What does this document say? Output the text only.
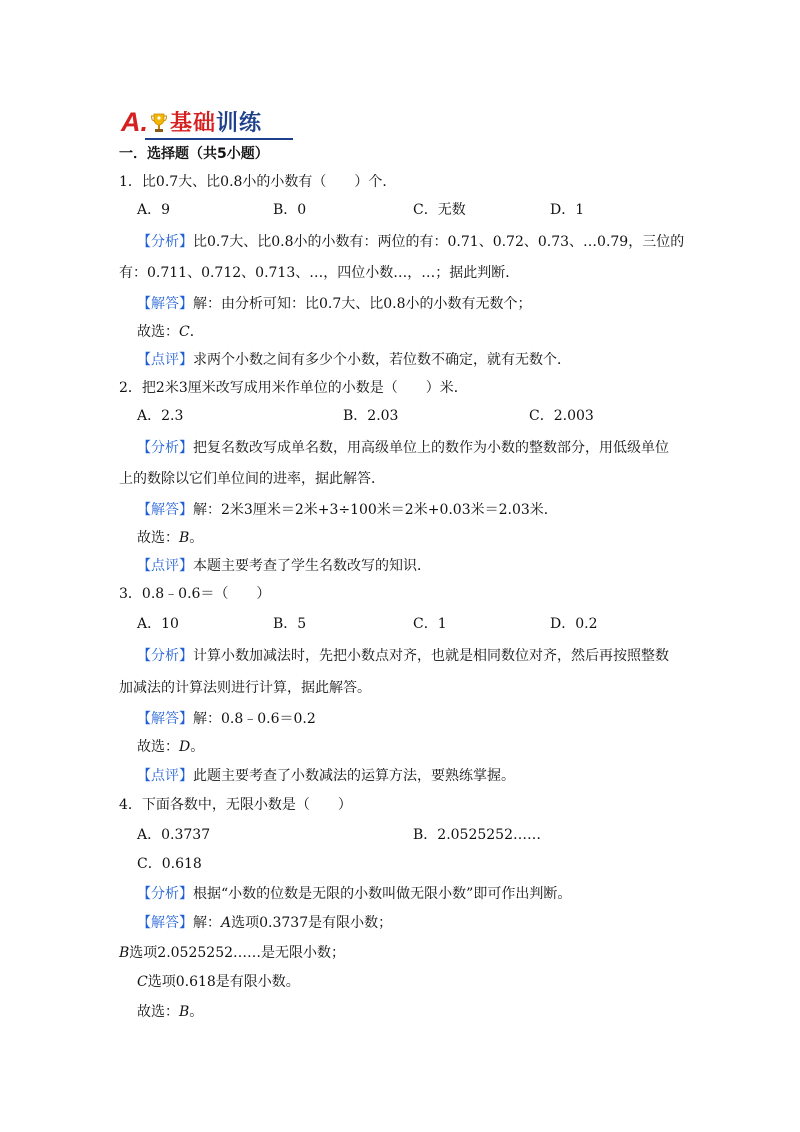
A. 基础 训练
一．选择题（共5小题）
1．比0.7大、比0.8小的小数有（　　）个．
A．9	B．0	C．无数	D．1
【分析】比0.7大、比0.8小的小数有：两位的有：0.71、0.72、0.73、…0.79，三位的
有：0.711、0.712、0.713、…，四位小数…，…；据此判断．
【解答】解：由分析可知：比0.7大、比0.8小的小数有无数个；
故选：C．
【点评】求两个小数之间有多少个小数，若位数不确定，就有无数个．
2．把2米3厘米改写成用米作单位的小数是（　　）米．
A．2.3	B．2.03	C．2.003
【分析】把复名数改写成单名数，用高级单位上的数作为小数的整数部分，用低级单位
上的数除以它们单位间的进率，据此解答．
【解答】解：2米3厘米＝2米+3÷100米＝2米+0.03米＝2.03米．
故选：B。
【点评】本题主要考查了学生名数改写的知识．
3．0.8﹣0.6＝（　　）
A．10	B．5	C．1	D．0.2
【分析】计算小数加减法时，先把小数点对齐，也就是相同数位对齐，然后再按照整数
加减法的计算法则进行计算，据此解答。
【解答】解：0.8﹣0.6＝0.2
故选：D。
【点评】此题主要考查了小数减法的运算方法，要熟练掌握。
4．下面各数中，无限小数是（　　）
A．0.3737	B．2.0525252……
C．0.618
【分析】根据“小数的位数是无限的小数叫做无限小数”即可作出判断。
【解答】解：A选项0.3737是有限小数；
B选项2.0525252……是无限小数；
C选项0.618是有限小数。
故选：B。
